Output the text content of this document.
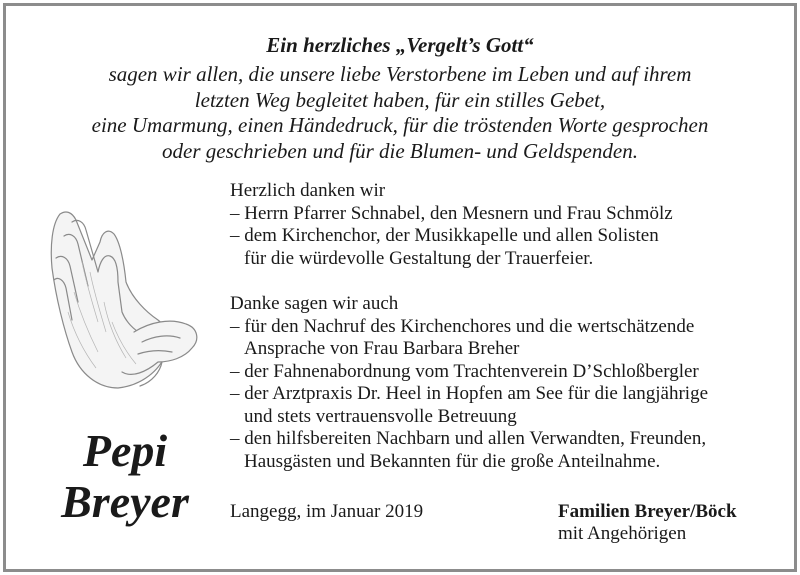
Ein herzliches „Vergelt’s Gott“
sagen wir allen, die unsere liebe Verstorbene im Leben und auf ihrem
letzten Weg begleitet haben, für ein stilles Gebet,
eine Umarmung, einen Händedruck, für die tröstenden Worte gesprochen
oder geschrieben und für die Blumen- und Geldspenden.
Pepi
Breyer
Herzlich danken wir
– Herrn Pfarrer Schnabel, den Mesnern und Frau Schmölz
– dem Kirchenchor, der Musikkapelle und allen Solisten
für die würdevolle Gestaltung der Trauerfeier.
Danke sagen wir auch
– für den Nachruf des Kirchenchores und die wertschätzende
Ansprache von Frau Barbara Breher
– der Fahnenabordnung vom Trachtenverein D’Schloßbergler
– der Arztpraxis Dr. Heel in Hopfen am See für die langjährige
und stets vertrauensvolle Betreuung
– den hilfsbereiten Nachbarn und allen Verwandten, Freunden,
Hausgästen und Bekannten für die große Anteilnahme.
Langegg, im Januar 2019	Familien Breyer/Böck
mit Angehörigen
